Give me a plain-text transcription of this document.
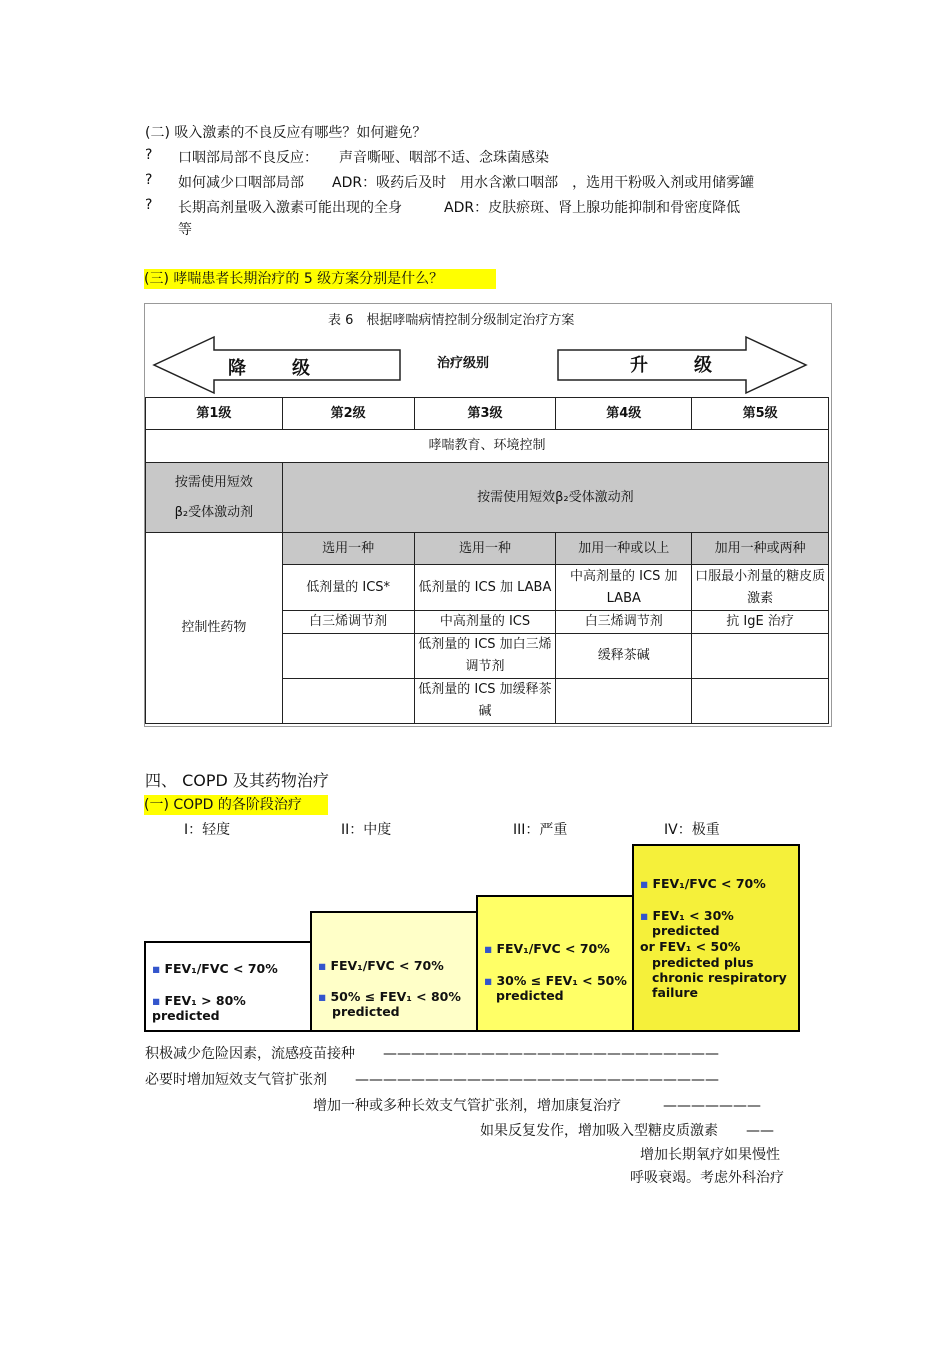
(二) 吸入激素的不良反应有哪些？如何避免？
? 口咽部局部不良反应：　　声音嘶哑、咽部不适、念珠菌感染
? 如何减少口咽部局部　　ADR：吸药后及时　用水含漱口咽部　，选用干粉吸入剂或用储雾罐
? 长期高剂量吸入激素可能出现的全身　　　ADR：皮肤瘀斑、肾上腺功能抑制和骨密度降低
等
(三) 哮喘患者长期治疗的 5 级方案分别是什么？
表 6　根据哮喘病情控制分级制定治疗方案
降　级	治疗级别	升　级
第1级	第2级	第3级	第4级	第5级
哮喘教育、环境控制				

按需使用短效
β₂受体激动剂	按需使用短效β₂受体激动剂			
控制性药物	选用一种	选用一种	加用一种或以上	加用一种或两种
	低剂量的 ICS*	低剂量的 ICS 加 LABA	中高剂量的 ICS 加 LABA	口服最小剂量的糖皮质激素
	白三烯调节剂	中高剂量的 ICS	白三烯调节剂	抗 IgE 治疗
		低剂量的 ICS 加白三烯调节剂	缓释茶碱	
		低剂量的 ICS 加缓释茶碱		
四、 COPD 及其药物治疗
(一) COPD 的各阶段治疗
I：轻度	II：中度	III：严重	IV：极重
▪ FEV₁/FVC < 70%
▪ FEV₁ > 80%
predicted
▪ FEV₁/FVC < 70%
▪ 50% ≤ FEV₁ < 80%
predicted
▪ FEV₁/FVC < 70%
▪ 30% ≤ FEV₁ < 50%
predicted
▪ FEV₁/FVC < 70%
▪ FEV₁ < 30%
predicted
or FEV₁ < 50%
predicted plus
chronic respiratory
failure
积极减少危险因素，流感疫苗接种　　————————————————————————
必要时增加短效支气管扩张剂　　——————————————————————————
增加一种或多种长效支气管扩张剂，增加康复治疗　　　———————
如果反复发作，增加吸入型糖皮质激素　　——
增加长期氧疗如果慢性
呼吸衰竭。考虑外科治疗
